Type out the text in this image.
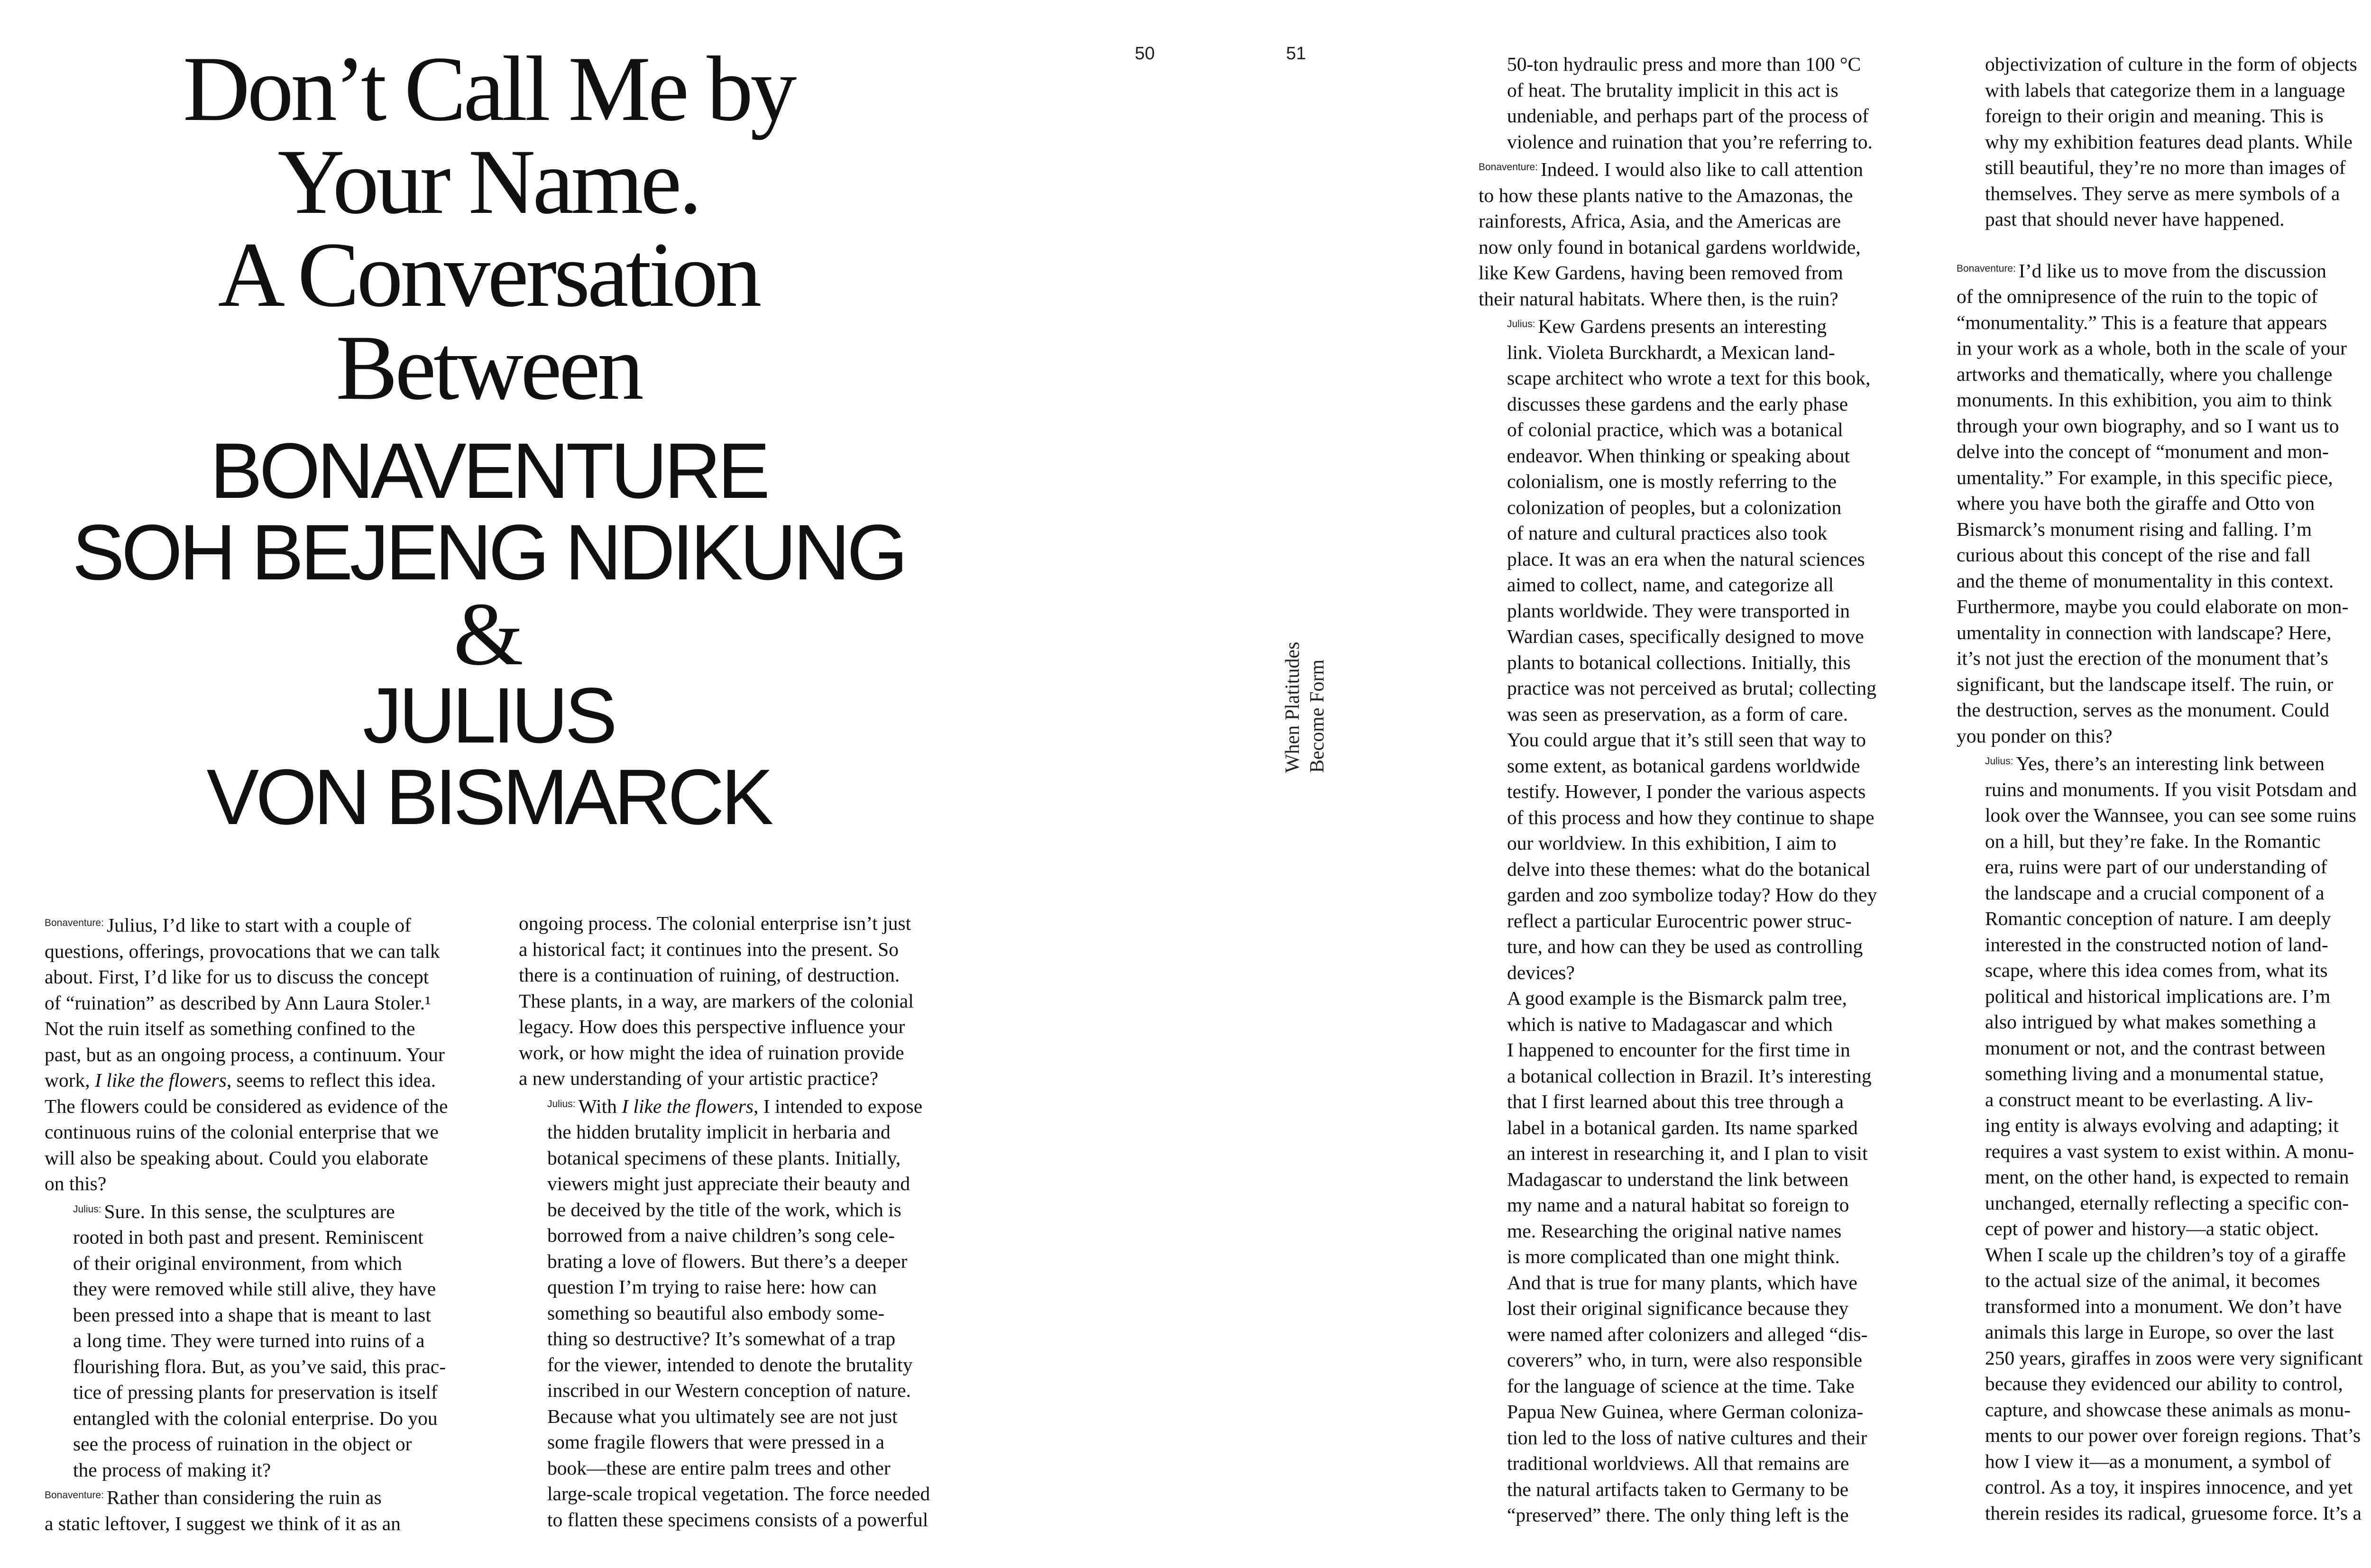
Don’t Call Me by

Your Name.

A Conversation

Between

BONAVENTURE

SOH BEJENG NDIKUNG

&

JULIUS

VON BISMARCK

50	51
When Platitudes Become Form

$^{Bonaventure:}$ Julius, I’d like to start with a couple of

questions, offerings, provocations that we can talk

about. First, I’d like for us to discuss the concept

of “ruination” as described by Ann Laura Stoler.¹

Not the ruin itself as something confined to the

past, but as an ongoing process, a continuum. Your

work, I like the flowers, seems to reflect this idea.

The flowers could be considered as evidence of the

continuous ruins of the colonial enterprise that we

will also be speaking about. Could you elaborate

on this?

$^{Julius:}$ Sure. In this sense, the sculptures are

rooted in both past and present. Reminiscent

of their original environment, from which

they were removed while still alive, they have

been pressed into a shape that is meant to last

a long time. They were turned into ruins of a

flourishing flora. But, as you’ve said, this prac-

tice of pressing plants for preservation is itself

entangled with the colonial enterprise. Do you

see the process of ruination in the object or

the process of making it?

$^{Bonaventure:}$ Rather than considering the ruin as

a static leftover, I suggest we think of it as an

ongoing process. The colonial enterprise isn’t just

a historical fact; it continues into the present. So

there is a continuation of ruining, of destruction.

These plants, in a way, are markers of the colonial

legacy. How does this perspective influence your

work, or how might the idea of ruination provide

a new understanding of your artistic practice?

$^{Julius:}$ With I like the flowers, I intended to expose

the hidden brutality implicit in herbaria and

botanical specimens of these plants. Initially,

viewers might just appreciate their beauty and

be deceived by the title of the work, which is

borrowed from a naive children’s song cele-

brating a love of flowers. But there’s a deeper

question I’m trying to raise here: how can

something so beautiful also embody some-

thing so destructive? It’s somewhat of a trap

for the viewer, intended to denote the brutality

inscribed in our Western conception of nature.

Because what you ultimately see are not just

some fragile flowers that were pressed in a

book—these are entire palm trees and other

large-scale tropical vegetation. The force needed

to flatten these specimens consists of a powerful

50-ton hydraulic press and more than 100 °C

of heat. The brutality implicit in this act is

undeniable, and perhaps part of the process of

violence and ruination that you’re referring to.

$^{Bonaventure:}$ Indeed. I would also like to call attention

to how these plants native to the Amazonas, the

rainforests, Africa, Asia, and the Americas are

now only found in botanical gardens worldwide,

like Kew Gardens, having been removed from

their natural habitats. Where then, is the ruin?

$^{Julius:}$ Kew Gardens presents an interesting

link. Violeta Burckhardt, a Mexican land-

scape architect who wrote a text for this book,

discusses these gardens and the early phase

of colonial practice, which was a botanical

endeavor. When thinking or speaking about

colonialism, one is mostly referring to the

colonization of peoples, but a colonization

of nature and cultural practices also took

place. It was an era when the natural sciences

aimed to collect, name, and categorize all

plants worldwide. They were transported in

Wardian cases, specifically designed to move

plants to botanical collections. Initially, this

practice was not perceived as brutal; collecting

was seen as preservation, as a form of care.

You could argue that it’s still seen that way to

some extent, as botanical gardens worldwide

testify. However, I ponder the various aspects

of this process and how they continue to shape

our worldview. In this exhibition, I aim to

delve into these themes: what do the botanical

garden and zoo symbolize today? How do they

reflect a particular Eurocentric power struc-

ture, and how can they be used as controlling

devices?

A good example is the Bismarck palm tree,

which is native to Madagascar and which

I happened to encounter for the first time in

a botanical collection in Brazil. It’s interesting

that I first learned about this tree through a

label in a botanical garden. Its name sparked

an interest in researching it, and I plan to visit

Madagascar to understand the link between

my name and a natural habitat so foreign to

me. Researching the original native names

is more complicated than one might think.

And that is true for many plants, which have

lost their original significance because they

were named after colonizers and alleged “dis-

coverers” who, in turn, were also responsible

for the language of science at the time. Take

Papua New Guinea, where German coloniza-

tion led to the loss of native cultures and their

traditional worldviews. All that remains are

the natural artifacts taken to Germany to be

“preserved” there. The only thing left is the

objectivization of culture in the form of objects

with labels that categorize them in a language

foreign to their origin and meaning. This is

why my exhibition features dead plants. While

still beautiful, they’re no more than images of

themselves. They serve as mere symbols of a

past that should never have happened.

$^{Bonaventure:}$ I’d like us to move from the discussion

of the omnipresence of the ruin to the topic of

“monumentality.” This is a feature that appears

in your work as a whole, both in the scale of your

artworks and thematically, where you challenge

monuments. In this exhibition, you aim to think

through your own biography, and so I want us to

delve into the concept of “monument and mon-

umentality.” For example, in this specific piece,

where you have both the giraffe and Otto von

Bismarck’s monument rising and falling. I’m

curious about this concept of the rise and fall

and the theme of monumentality in this context.

Furthermore, maybe you could elaborate on mon-

umentality in connection with landscape? Here,

it’s not just the erection of the monument that’s

significant, but the landscape itself. The ruin, or

the destruction, serves as the monument. Could

you ponder on this?

$^{Julius:}$ Yes, there’s an interesting link between

ruins and monuments. If you visit Potsdam and

look over the Wannsee, you can see some ruins

on a hill, but they’re fake. In the Romantic

era, ruins were part of our understanding of

the landscape and a crucial component of a

Romantic conception of nature. I am deeply

interested in the constructed notion of land-

scape, where this idea comes from, what its

political and historical implications are. I’m

also intrigued by what makes something a

monument or not, and the contrast between

something living and a monumental statue,

a construct meant to be everlasting. A liv-

ing entity is always evolving and adapting; it

requires a vast system to exist within. A monu-

ment, on the other hand, is expected to remain

unchanged, eternally reflecting a specific con-

cept of power and history—a static object.

When I scale up the children’s toy of a giraffe

to the actual size of the animal, it becomes

transformed into a monument. We don’t have

animals this large in Europe, so over the last

250 years, giraffes in zoos were very significant

because they evidenced our ability to control,

capture, and showcase these animals as monu-

ments to our power over foreign regions. That’s

how I view it—as a monument, a symbol of

control. As a toy, it inspires innocence, and yet

therein resides its radical, gruesome force. It’s a
